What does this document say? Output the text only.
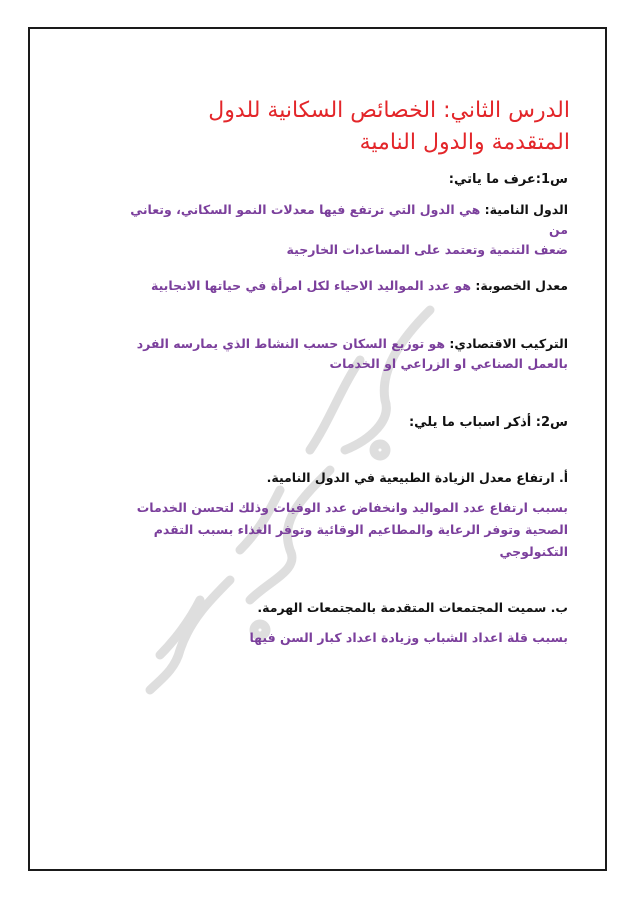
الدرس الثاني: الخصائص السكانية للدول
المتقدمة والدول النامية
س1:عرف ما ياتي:
الدول النامية: هي الدول التي ترتفع فيها معدلات النمو السكاني، وتعاني من
ضعف التنمية وتعتمد على المساعدات الخارجية
معدل الخصوبة: هو عدد المواليد الاحياء لكل امرأة في حياتها الانجابية
التركيب الاقتصادي: هو توزيع السكان حسب النشاط الذي يمارسه الفرد
بالعمل الصناعي او الزراعي او الخدمات
س2: أذكر اسباب ما يلي:
أ. ارتفاع معدل الزيادة الطبيعية في الدول النامية.
بسبب ارتفاع عدد المواليد وانخفاض عدد الوفيات وذلك لتحسن الخدمات
الصحية وتوفر الرعاية والمطاعيم الوقائية وتوفر الغذاء بسبب التقدم
التكنولوجي
ب. سميت المجتمعات المتقدمة بالمجتمعات الهرمة.
بسبب قلة اعداد الشباب وزيادة اعداد كبار السن فيها
